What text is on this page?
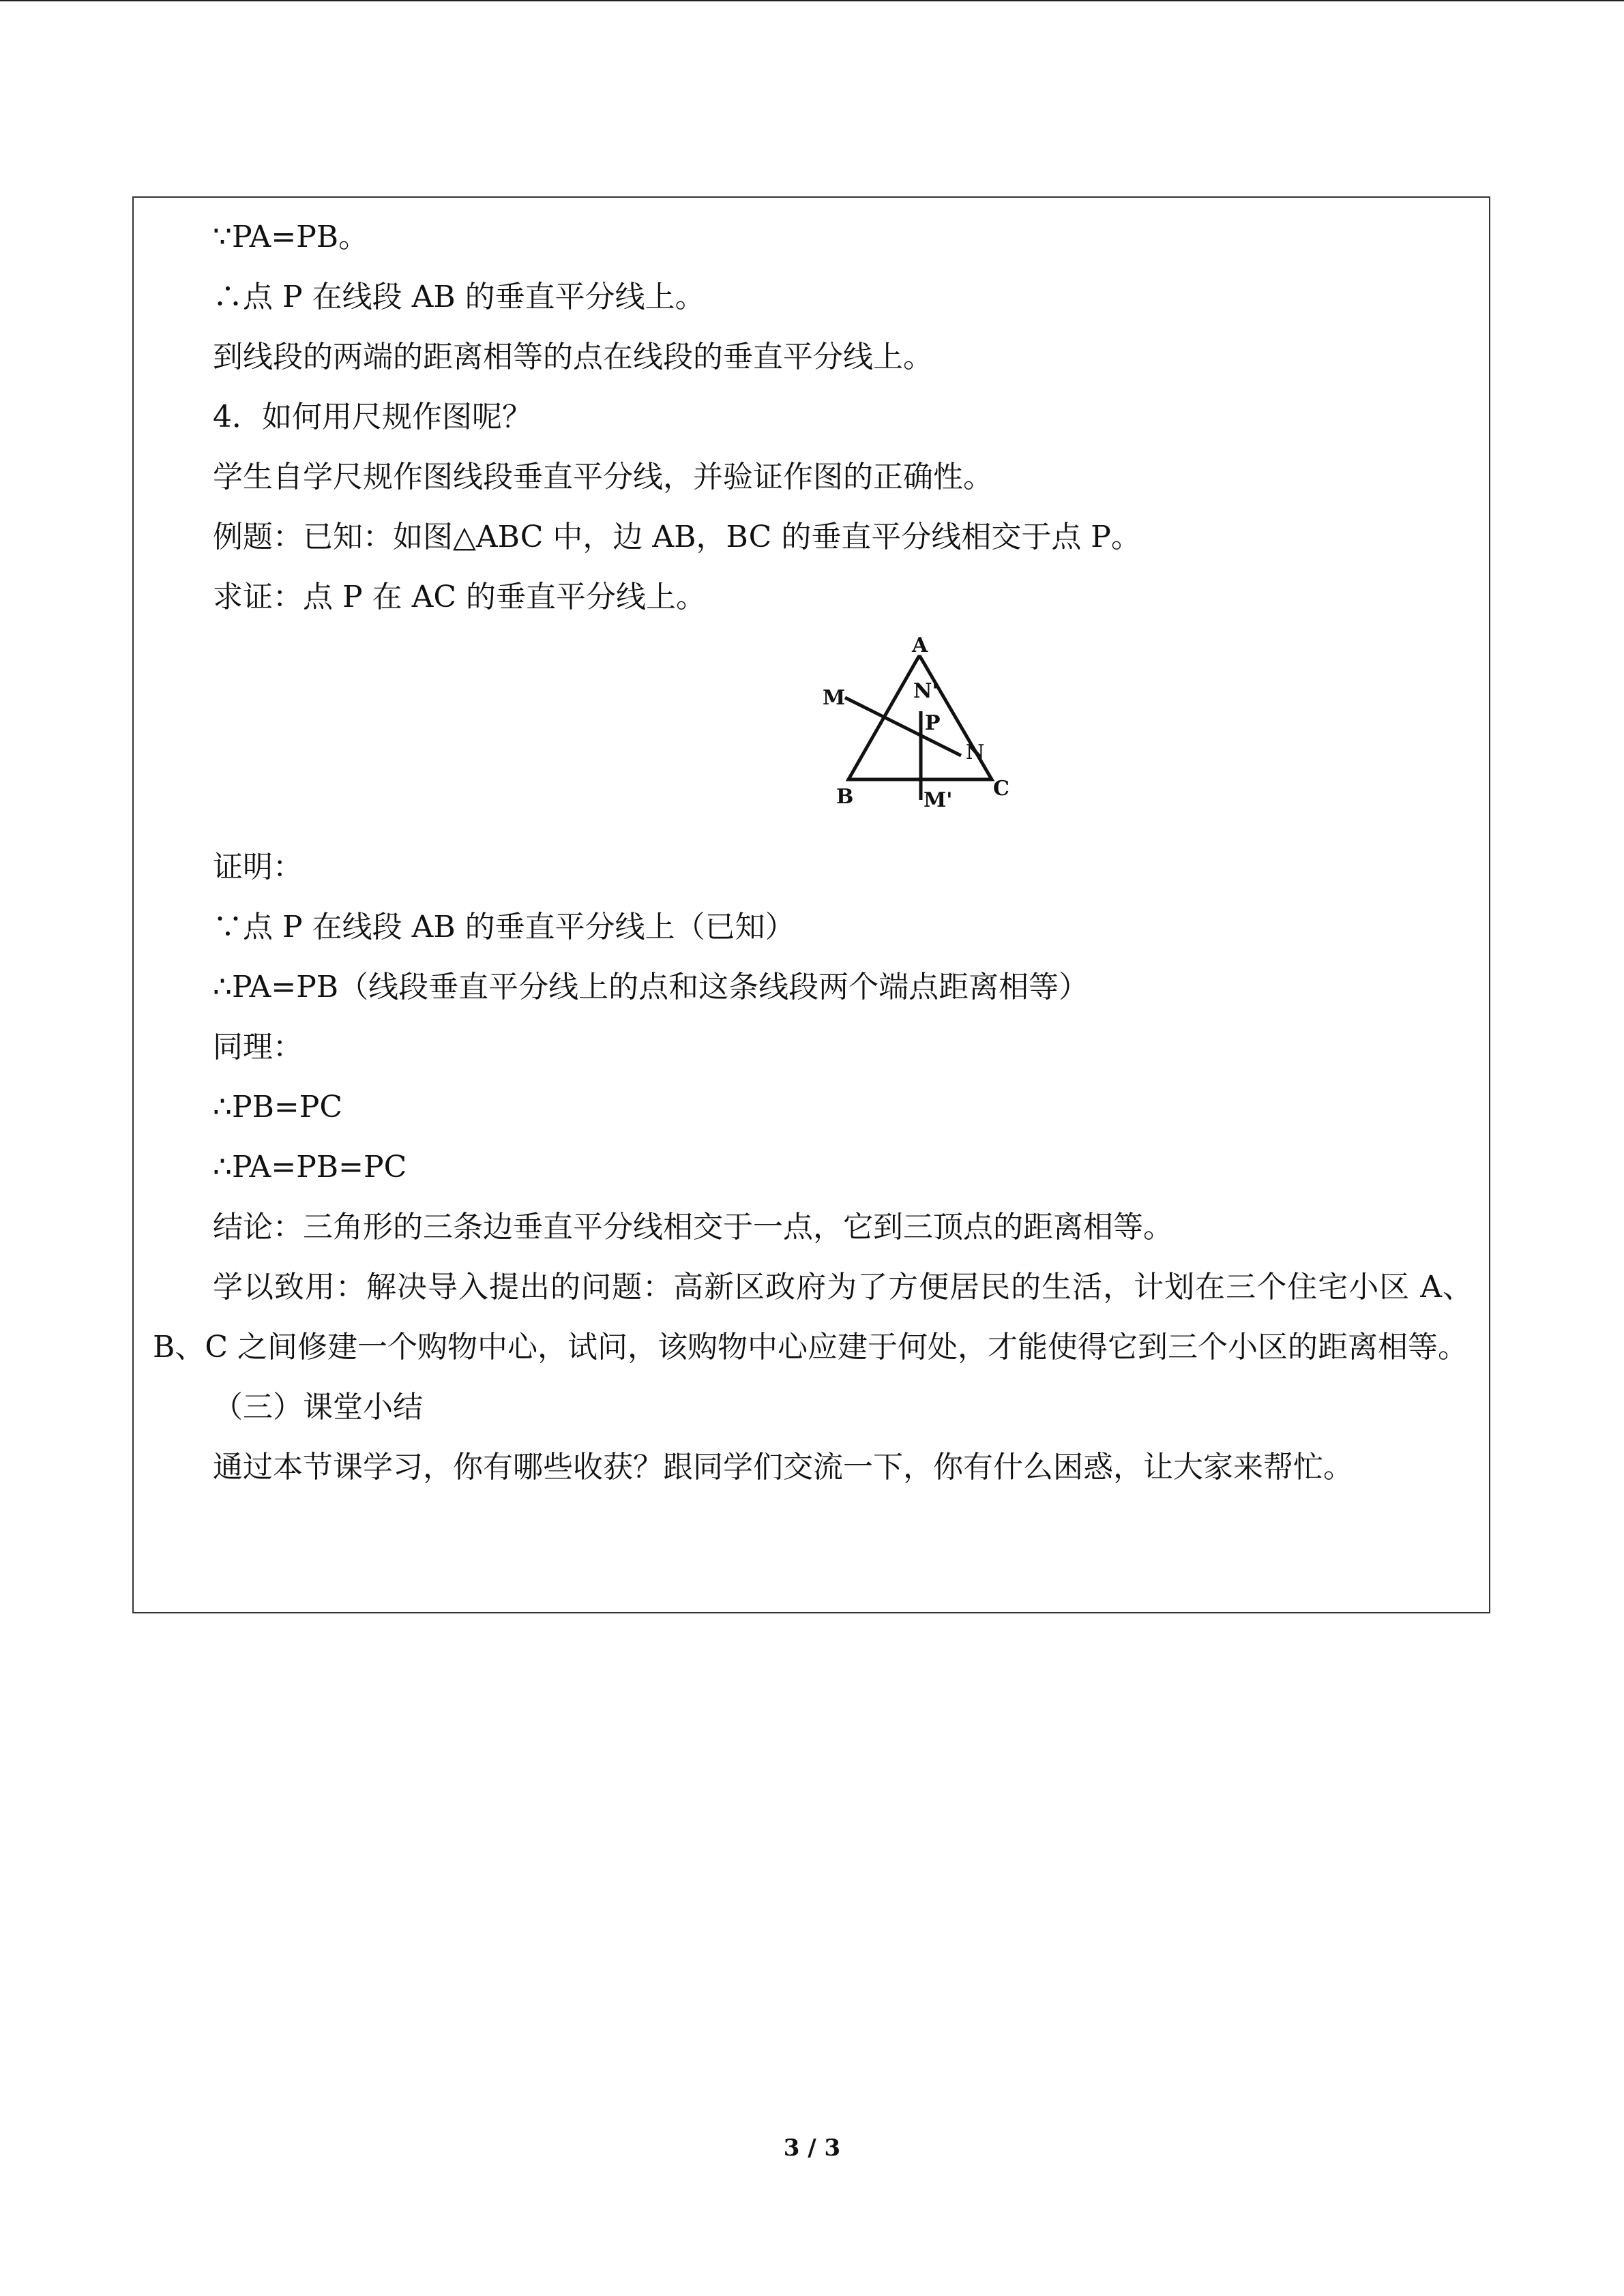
∵PA=PB。

∴点 P 在线段 AB 的垂直平分线上。

到线段的两端的距离相等的点在线段的垂直平分线上。

4．如何用尺规作图呢？

学生自学尺规作图线段垂直平分线，并验证作图的正确性。

例题：已知：如图△ABC 中，边 AB，BC 的垂直平分线相交于点 P。

求证：点 P 在 AC 的垂直平分线上。

A
M	N'
P
N
B	M' C

证明：

∵点 P 在线段 AB 的垂直平分线上（已知）

∴PA=PB（线段垂直平分线上的点和这条线段两个端点距离相等）

同理：

∴PB=PC

∴PA=PB=PC

结论：三角形的三条边垂直平分线相交于一点，它到三顶点的距离相等。

学以致用：解决导入提出的问题：高新区政府为了方便居民的生活，计划在三个住宅小区 A、B、C 之间修建一个购物中心，试问，该购物中心应建于何处，才能使得它到三个小区的距离相等。

（三）课堂小结

通过本节课学习，你有哪些收获？跟同学们交流一下，你有什么困惑，让大家来帮忙。

3 / 3
